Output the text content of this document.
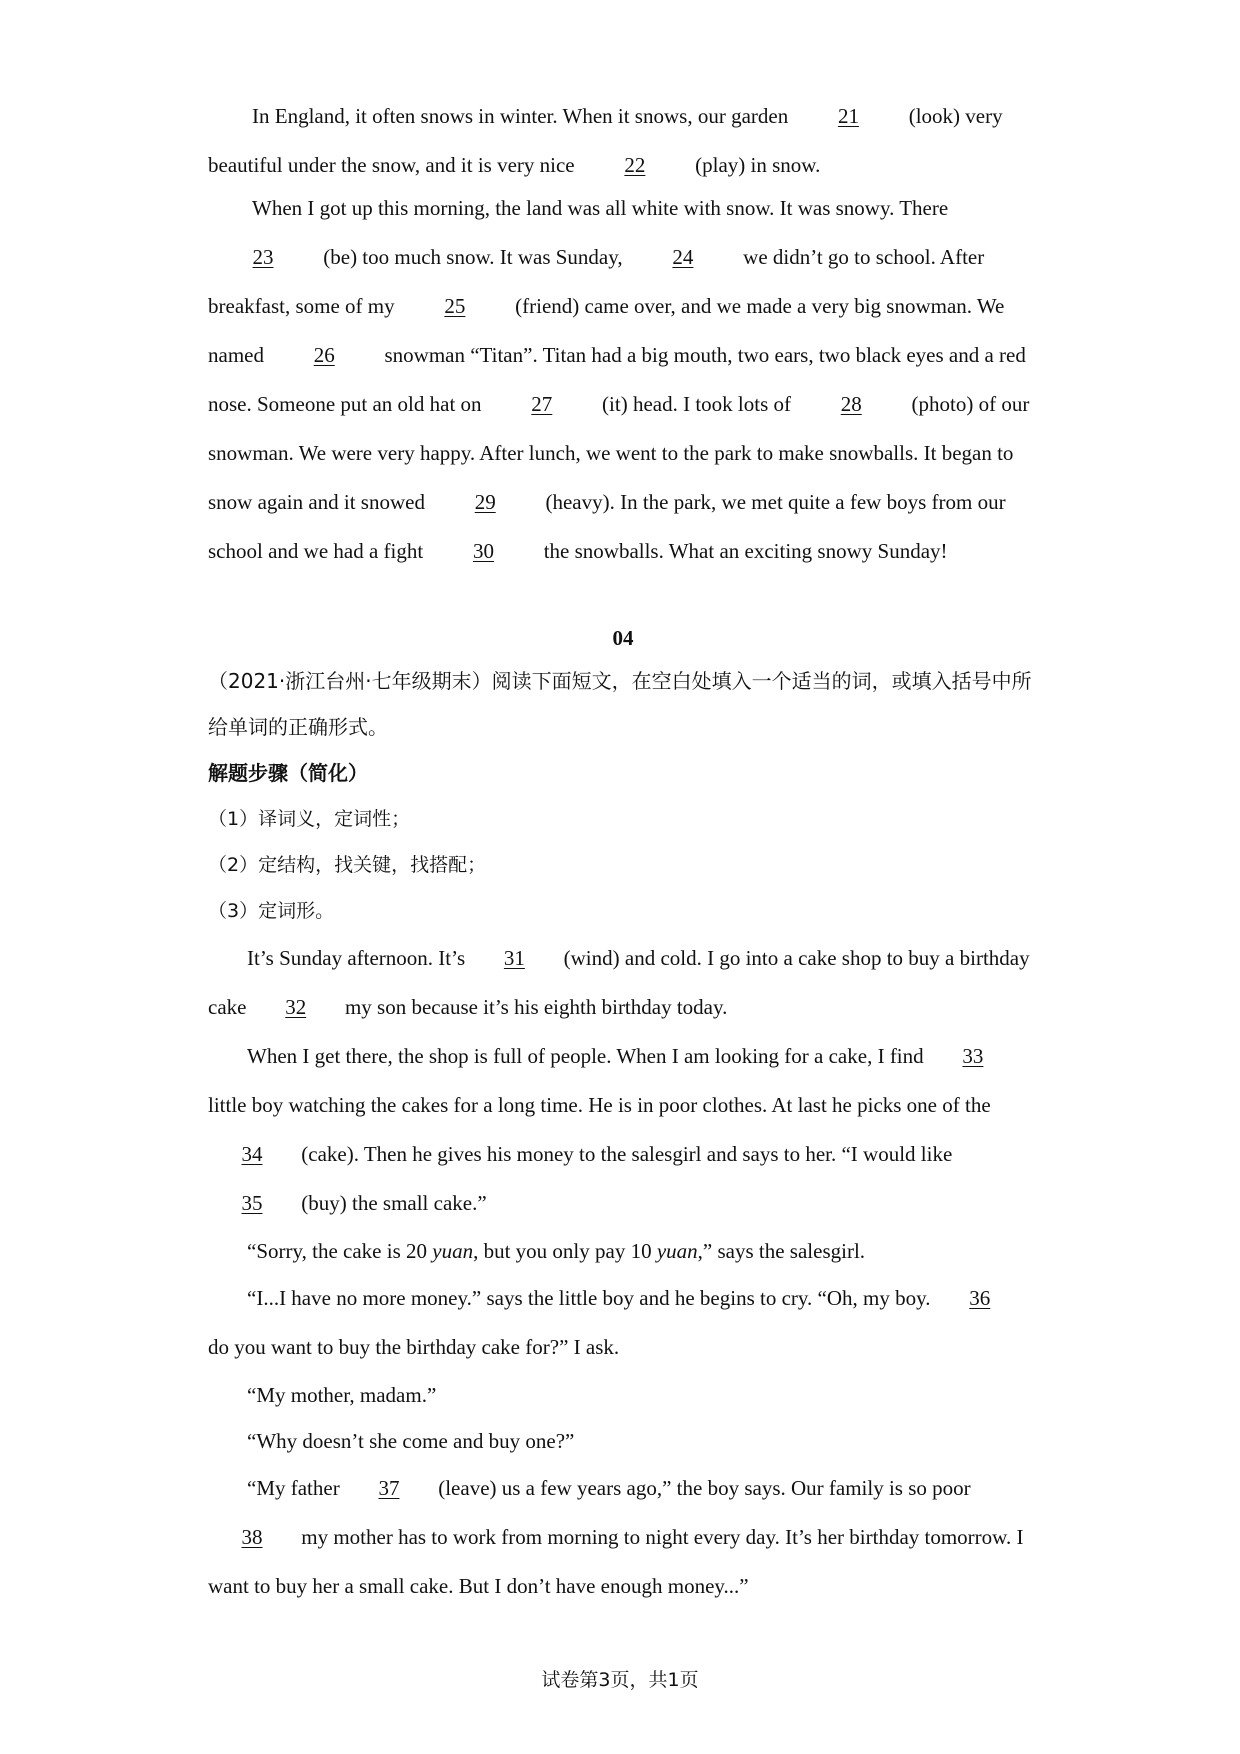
In England, it often snows in winter. When it snows, our garden 21 (look) very beautiful under the snow, and it is very nice 22 (play) in snow.

When I got up this morning, the land was all white with snow. It was snowy. There 23 (be) too much snow. It was Sunday, 24 we didn’t go to school. After breakfast, some of my 25 (friend) came over, and we made a very big snowman. We named 26 snowman “Titan”. Titan had a big mouth, two ears, two black eyes and a red nose. Someone put an old hat on 27 (it) head. I took lots of 28 (photo) of our snowman. We were very happy. After lunch, we went to the park to make snowballs. It began to snow again and it snowed 29 (heavy). In the park, we met quite a few boys from our school and we had a fight 30 the snowballs. What an exciting snowy Sunday!

04

（2021·浙江台州·七年级期末）阅读下面短文，在空白处填入一个适当的词，或填入括号中所给单词的正确形式。

解题步骤（简化）

（1）译词义，定词性；

（2）定结构，找关键，找搭配；

（3）定词形。

It’s Sunday afternoon. It’s 31 (wind) and cold. I go into a cake shop to buy a birthday cake 32 my son because it’s his eighth birthday today.

When I get there, the shop is full of people. When I am looking for a cake, I find 33 little boy watching the cakes for a long time. He is in poor clothes. At last he picks one of the 34 (cake). Then he gives his money to the salesgirl and says to her. “I would like 35 (buy) the small cake.”

“Sorry, the cake is 20 yuan, but you only pay 10 yuan,” says the salesgirl.

“I...I have no more money.” says the little boy and he begins to cry. “Oh, my boy. 36 do you want to buy the birthday cake for?” I ask.

“My mother, madam.”

“Why doesn’t she come and buy one?”

“My father 37 (leave) us a few years ago,” the boy says. Our family is so poor 38 my mother has to work from morning to night every day. It’s her birthday tomorrow. I want to buy her a small cake. But I don’t have enough money...”

试卷第3页，共1页
